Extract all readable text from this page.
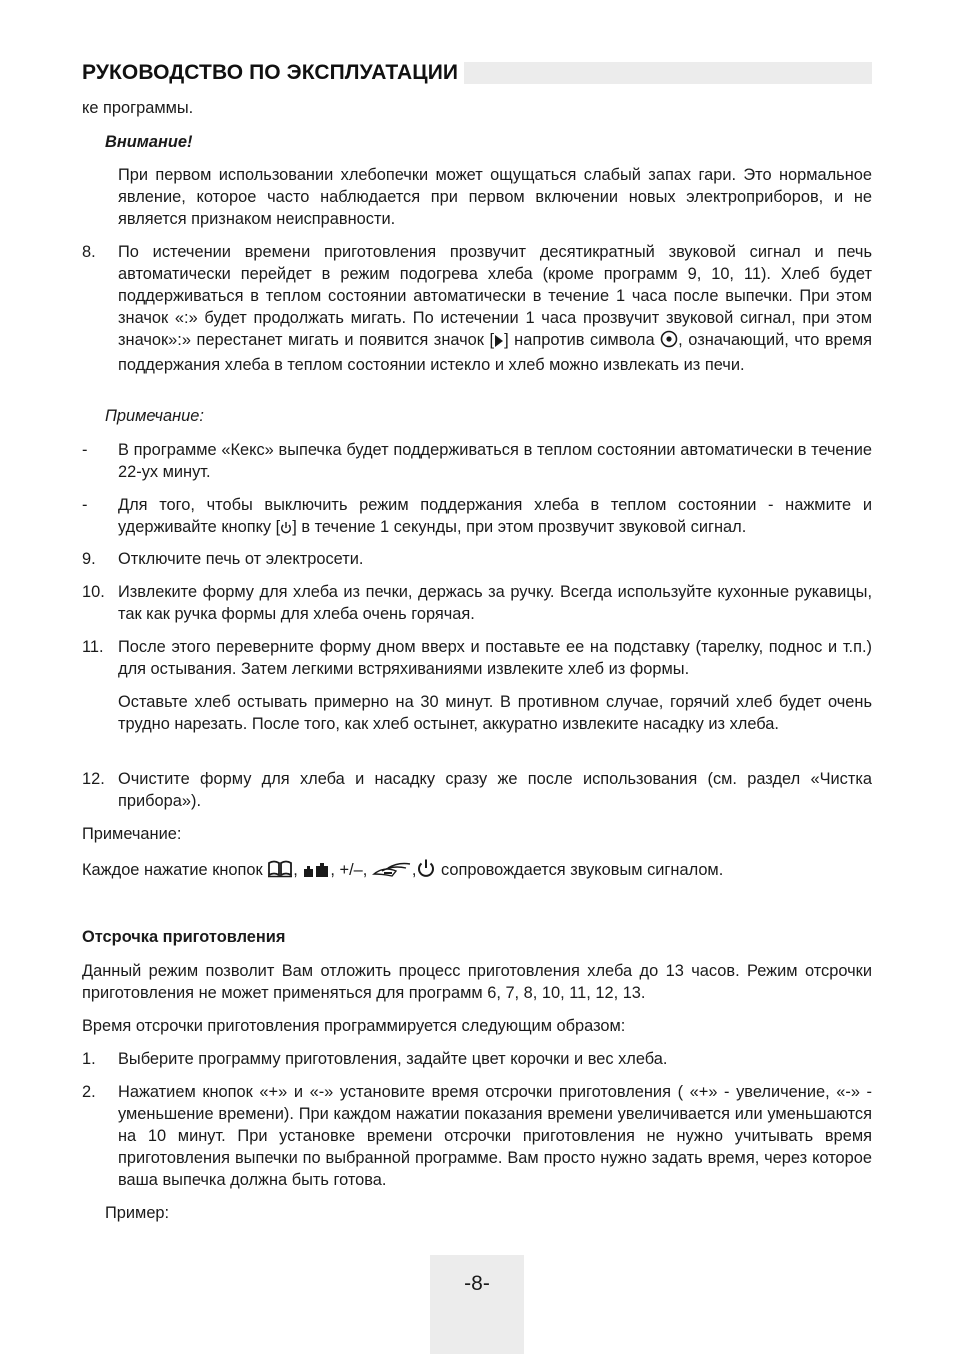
РУКОВОДСТВО ПО ЭКСПЛУАТАЦИИ
ке программы.
Внимание!
При первом использовании хлебопечки может ощущаться слабый запах гари. Это нормальное явление, которое часто наблюдается при первом включении новых электроприборов, и не является признаком неисправности.
8. По истечении времени приготовления прозвучит десятикратный звуковой сигнал и печь автоматически перейдет в режим подогрева хлеба (кроме программ 9, 10, 11). Хлеб будет поддерживаться в теплом состоянии автоматически в течение 1 часа после выпечки. При этом значок «:» будет продолжать мигать. По истечении 1 часа прозвучит звуковой сигнал, при этом значок»:» перестанет мигать и появится значок [ ] напротив символа , означающий, что время поддержания хлеба в теплом состоянии истекло и хлеб можно извлекать из печи.
Примечание:
- В программе «Кекс» выпечка будет поддерживаться в теплом состоянии автоматически в течение 22-ух минут.
- Для того, чтобы выключить режим поддержания хлеба в теплом состоянии - нажмите и удерживайте кнопку [ ] в течение 1 секунды, при этом прозвучит звуковой сигнал.
9. Отключите печь от электросети.
10. Извлеките форму для хлеба из печки, держась за ручку. Всегда используйте кухонные рукавицы, так как ручка формы для хлеба очень горячая.
11. После этого переверните форму дном вверх и поставьте ее на подставку (тарелку, поднос и т.п.) для остывания. Затем легкими встряхиваниями извлеките хлеб из формы.
Оставьте хлеб остывать примерно на 30 минут. В противном случае, горячий хлеб будет очень трудно нарезать. После того, как хлеб остынет, аккуратно извлеките насадку из хлеба.
12. Очистите форму для хлеба и насадку сразу же после использования (см. раздел «Чистка прибора»).
Примечание:
Каждое нажатие кнопок , , +/–,	, сопровождается звуковым сигналом.
Отсрочка приготовления
Данный режим позволит Вам отложить процесс приготовления хлеба до 13 часов. Режим отсрочки приготовления не может применяться для программ 6, 7, 8, 10, 11, 12, 13.
Время отсрочки приготовления программируется следующим образом:
1. Выберите программу приготовления, задайте цвет корочки и вес хлеба.
2. Нажатием кнопок «+» и «-» установите время отсрочки приготовления ( «+» - увеличение, «-» - уменьшение времени). При каждом нажатии показания времени увеличивается или уменьшаются на 10 минут. При установке времени отсрочки приготовления не нужно учитывать время приготовления выпечки по выбранной программе. Вам просто нужно задать время, через которое ваша выпечка должна быть готова.
Пример:
-8-
